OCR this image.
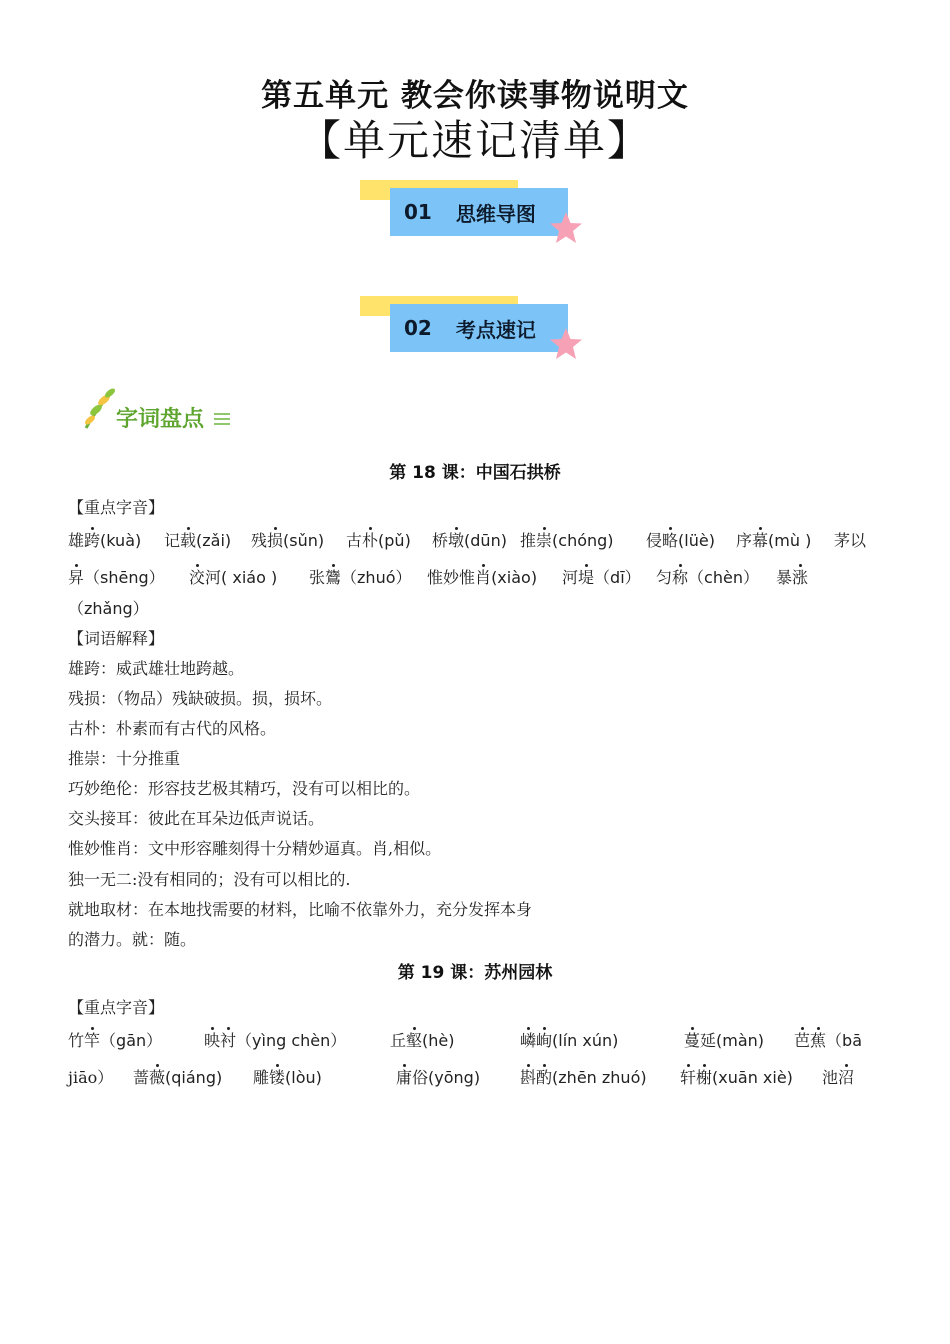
第五单元 教会你读事物说明文
【单元速记清单】
01 思维导图
02 考点速记
字词盘点
第 18 课：中国石拱桥
【重点字音】
雄跨(kuà) 记载(zǎi) 残损(sǔn) 古朴(pǔ) 桥墩(dūn) 推崇(chóng) 侵略(lüè) 序幕(mù ) 茅以
昇（shēng） 洨河( xiáo ) 张鷟（zhuó） 惟妙惟肖(xiào) 河堤（dī） 匀称（chèn） 暴涨
（zhǎng）
【词语解释】
雄跨：威武雄壮地跨越。
残损：（物品）残缺破损。损，损坏。
古朴：朴素而有古代的风格。
推崇：十分推重
巧妙绝伦：形容技艺极其精巧，没有可以相比的。
交头接耳：彼此在耳朵边低声说话。
惟妙惟肖：文中形容雕刻得十分精妙逼真。肖,相似。
独一无二:没有相同的；没有可以相比的.
就地取材：在本地找需要的材料，比喻不依靠外力，充分发挥本身
的潜力。就：随。
第 19 课：苏州园林
【重点字音】
竹竿（gān）	映衬（yìng chèn）	丘壑(hè)	嶙峋(lín xún)	蔓延(màn) 芭蕉（bā
jiāo） 蔷薇(qiáng) 雕镂(lòu)	庸俗(yōng) 斟酌(zhēn zhuó) 轩榭(xuān xiè) 池沼
